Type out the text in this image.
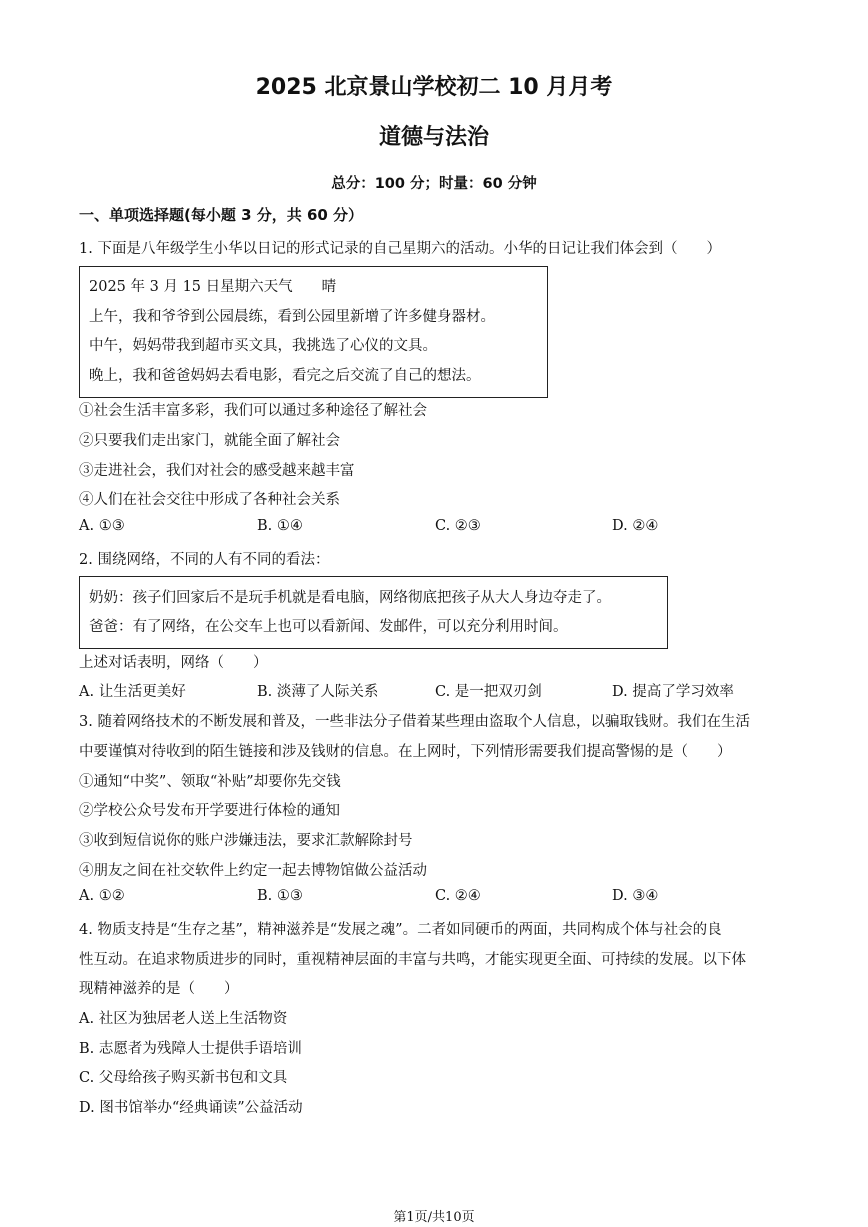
2025 北京景山学校初二 10 月月考
道德与法治
总分：100 分；时量：60 分钟
一、单项选择题(每小题 3 分，共 60 分）
1. 下面是八年级学生小华以日记的形式记录的自己星期六的活动。小华的日记让我们体会到（　　）
2025 年 3 月 15 日星期六天气　　晴
上午，我和爷爷到公园晨练，看到公园里新增了许多健身器材。
中午，妈妈带我到超市买文具，我挑选了心仪的文具。
晚上，我和爸爸妈妈去看电影，看完之后交流了自己的想法。
①社会生活丰富多彩，我们可以通过多种途径了解社会
②只要我们走出家门，就能全面了解社会
③走进社会，我们对社会的感受越来越丰富
④人们在社会交往中形成了各种社会关系
A. ①③	B. ①④	C. ②③	D. ②④
2. 围绕网络，不同的人有不同的看法：
奶奶：孩子们回家后不是玩手机就是看电脑，网络彻底把孩子从大人身边夺走了。
爸爸：有了网络，在公交车上也可以看新闻、发邮件，可以充分利用时间。
上述对话表明，网络（　　）
A. 让生活更美好	B. 淡薄了人际关系	C. 是一把双刃剑	D. 提高了学习效率
3. 随着网络技术的不断发展和普及，一些非法分子借着某些理由盗取个人信息，以骗取钱财。我们在生活
中要谨慎对待收到的陌生链接和涉及钱财的信息。在上网时，下列情形需要我们提高警惕的是（　　）
①通知“中奖”、领取“补贴”却要你先交钱
②学校公众号发布开学要进行体检的通知
③收到短信说你的账户涉嫌违法，要求汇款解除封号
④朋友之间在社交软件上约定一起去博物馆做公益活动
A. ①②	B. ①③	C. ②④	D. ③④
4. 物质支持是“生存之基”，精神滋养是“发展之魂”。二者如同硬币的两面，共同构成个体与社会的良
性互动。在追求物质进步的同时，重视精神层面的丰富与共鸣，才能实现更全面、可持续的发展。以下体
现精神滋养的是（　　）
A. 社区为独居老人送上生活物资
B. 志愿者为残障人士提供手语培训
C. 父母给孩子购买新书包和文具
D. 图书馆举办“经典诵读”公益活动
第1页/共10页
